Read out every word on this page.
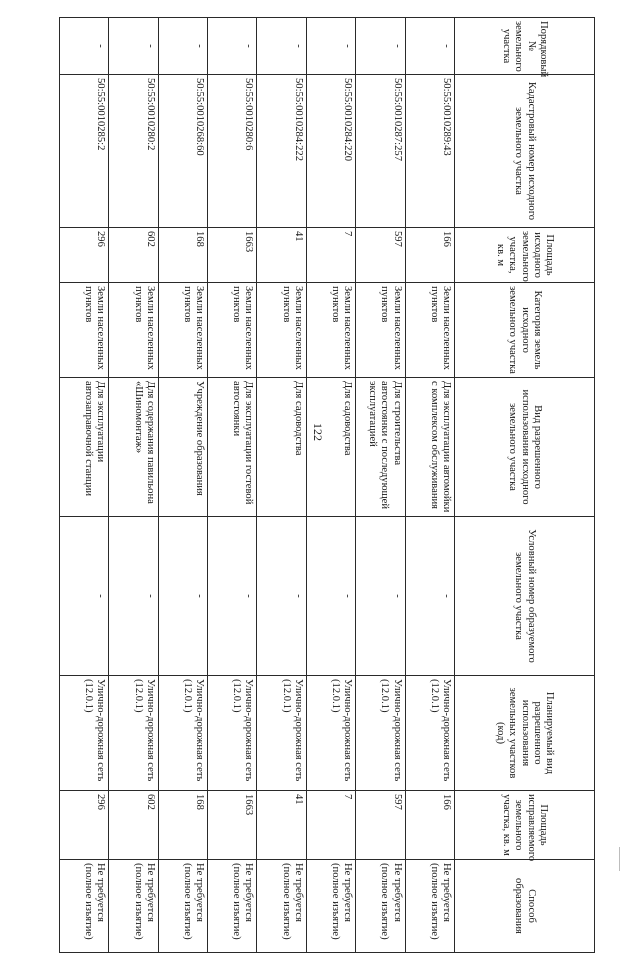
122
Порядковый № земельного участка	Кадастровый номер исходного земельного участка	Площадь исходного земельного участка, кв. м	Категория земель исходного земельного участка	Вид разрешенного использования исходного земельного участка	Условный номер образуемого земельного участка	Планируемый вид разрешенного использования земельных участков (код)	Площадь исправляемого земельного участка, кв. м	Способ образования
-	50:55:0010289:43	166	Земли населенных пунктов	Для эксплуатации автомойки с комплексом обслуживания	-	Улично-дорожная сеть (12.0.1)	166	Не требуется (полное изъятие)
-	50:55:0010287:257	597	Земли населенных пунктов	Для строительства автостоянки с последующей эксплуатацией	-	Улично-дорожная сеть (12.0.1)	597	Не требуется (полное изъятие)
-	50:55:0010284:220	7	Земли населенных пунктов	Для садоводства	-	Улично-дорожная сеть (12.0.1)	7	Не требуется (полное изъятие)
-	50:55:0010284:222	41	Земли населенных пунктов	Для садоводства	-	Улично-дорожная сеть (12.0.1)	41	Не требуется (полное изъятие)
-	50:55:0010280:6	1663	Земли населенных пунктов	Для эксплуатации гостевой автостоянки	-	Улично-дорожная сеть (12.0.1)	1663	Не требуется (полное изъятие)
-	50:55:0010268:60	168	Земли населенных пунктов	Учреждение образования	-	Улично-дорожная сеть (12.0.1)	168	Не требуется (полное изъятие)
-	50:55:0010280:2	602	Земли населенных пунктов	Для содержания павильона «Шиномонтаж»	-	Улично-дорожная сеть (12.0.1)	602	Не требуется (полное изъятие)
-	50:55:0010285:2	296	Земли населенных пунктов	Для эксплуатации автозаправочной станции	-	Улично-дорожная сеть (12.0.1)	296	Не требуется (полное изъятие)
